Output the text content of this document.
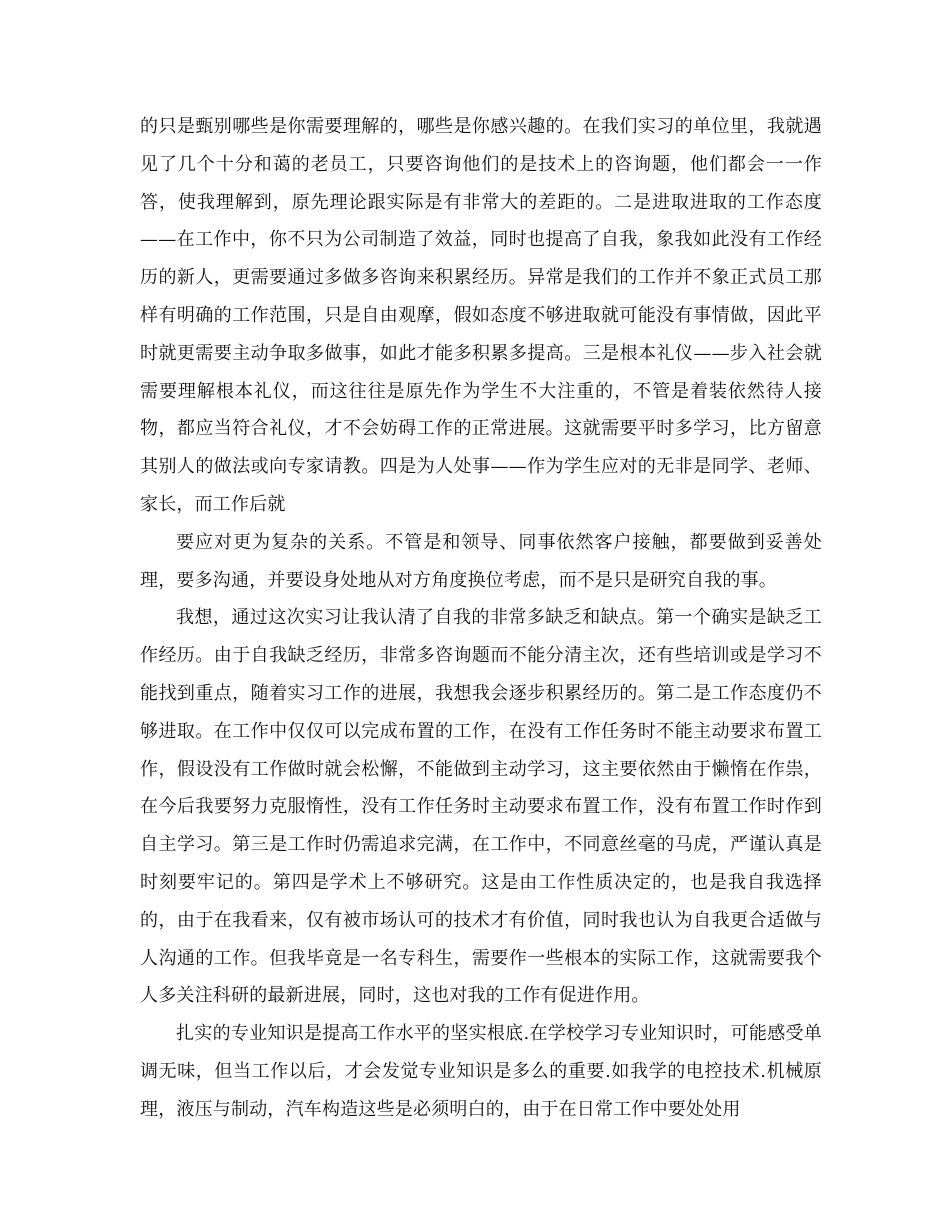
的只是甄别哪些是你需要理解的，哪些是你感兴趣的。在我们实习的单位里，我就遇见了几个十分和蔼的老员工，只要咨询他们的是技术上的咨询题，他们都会一一作答，使我理解到，原先理论跟实际是有非常大的差距的。二是进取进取的工作态度——在工作中，你不只为公司制造了效益，同时也提高了自我，象我如此没有工作经历的新人，更需要通过多做多咨询来积累经历。异常是我们的工作并不象正式员工那样有明确的工作范围，只是自由观摩，假如态度不够进取就可能没有事情做，因此平时就更需要主动争取多做事，如此才能多积累多提高。三是根本礼仪——步入社会就需要理解根本礼仪，而这往往是原先作为学生不大注重的，不管是着装依然待人接物，都应当符合礼仪，才不会妨碍工作的正常进展。这就需要平时多学习，比方留意其别人的做法或向专家请教。四是为人处事——作为学生应对的无非是同学、老师、家长，而工作后就

要应对更为复杂的关系。不管是和领导、同事依然客户接触，都要做到妥善处理，要多沟通，并要设身处地从对方角度换位考虑，而不是只是研究自我的事。

我想，通过这次实习让我认清了自我的非常多缺乏和缺点。第一个确实是缺乏工作经历。由于自我缺乏经历，非常多咨询题而不能分清主次，还有些培训或是学习不能找到重点，随着实习工作的进展，我想我会逐步积累经历的。第二是工作态度仍不够进取。在工作中仅仅可以完成布置的工作，在没有工作任务时不能主动要求布置工作，假设没有工作做时就会松懈，不能做到主动学习，这主要依然由于懒惰在作祟，在今后我要努力克服惰性，没有工作任务时主动要求布置工作，没有布置工作时作到自主学习。第三是工作时仍需追求完满，在工作中，不同意丝毫的马虎，严谨认真是时刻要牢记的。第四是学术上不够研究。这是由工作性质决定的，也是我自我选择的，由于在我看来，仅有被市场认可的技术才有价值，同时我也认为自我更合适做与人沟通的工作。但我毕竟是一名专科生，需要作一些根本的实际工作，这就需要我个人多关注科研的最新进展，同时，这也对我的工作有促进作用。

扎实的专业知识是提高工作水平的坚实根底.在学校学习专业知识时，可能感受单调无味，但当工作以后，才会发觉专业知识是多么的重要.如我学的电控技术.机械原理，液压与制动，汽车构造这些是必须明白的，由于在日常工作中要处处用
